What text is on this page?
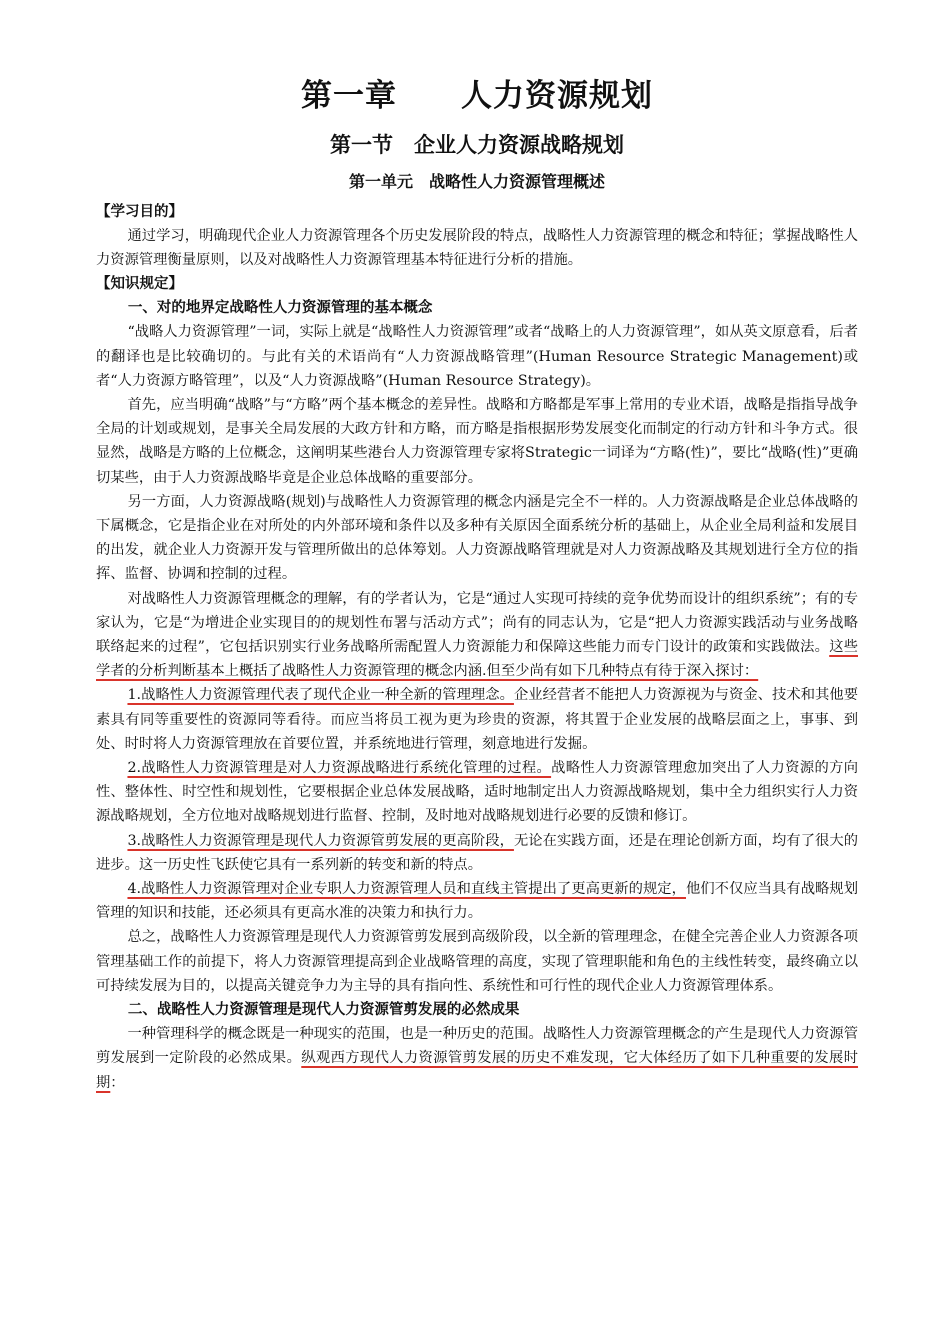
第一章　　人力资源规划
第一节　企业人力资源战略规划
第一单元　战略性人力资源管理概述

【学习目的】

通过学习，明确现代企业人力资源管理各个历史发展阶段的特点，战略性人力资源管理的概念和特征；掌握战略性人力资源管理衡量原则，以及对战略性人力资源管理基本特征进行分析的措施。

【知识规定】

一、对的地界定战略性人力资源管理的基本概念

“战略人力资源管理”一词，实际上就是“战略性人力资源管理”或者“战略上的人力资源管理”，如从英文原意看，后者的翻译也是比较确切的。与此有关的术语尚有“人力资源战略管理”(Human Resource Strategic Management)或者“人力资源方略管理”，以及“人力资源战略”(Human Resource Strategy)。

首先，应当明确“战略”与“方略”两个基本概念的差异性。战略和方略都是军事上常用的专业术语，战略是指指导战争全局的计划或规划，是事关全局发展的大政方针和方略，而方略是指根据形势发展变化而制定的行动方针和斗争方式。很显然，战略是方略的上位概念，这阐明某些港台人力资源管理专家将Strategic一词译为“方略(性)”，要比“战略(性)”更确切某些，由于人力资源战略毕竟是企业总体战略的重要部分。

另一方面，人力资源战略(规划)与战略性人力资源管理的概念内涵是完全不一样的。人力资源战略是企业总体战略的下属概念，它是指企业在对所处的内外部环境和条件以及多种有关原因全面系统分析的基础上，从企业全局利益和发展目的出发，就企业人力资源开发与管理所做出的总体筹划。人力资源战略管理就是对人力资源战略及其规划进行全方位的指挥、监督、协调和控制的过程。

对战略性人力资源管理概念的理解，有的学者认为，它是“通过人实现可持续的竞争优势而设计的组织系统”；有的专家认为，它是“为增进企业实现目的的规划性布署与活动方式”；尚有的同志认为，它是“把人力资源实践活动与业务战略联络起来的过程”，它包括识别实行业务战略所需配置人力资源能力和保障这些能力而专门设计的政策和实践做法。这些学者的分析判断基本上概括了战略性人力资源管理的概念内涵.但至少尚有如下几种特点有待于深入探讨：

1.战略性人力资源管理代表了现代企业一种全新的管理理念。企业经营者不能把人力资源视为与资金、技术和其他要素具有同等重要性的资源同等看待。而应当将员工视为更为珍贵的资源，将其置于企业发展的战略层面之上，事事、到处、时时将人力资源管理放在首要位置，并系统地进行管理，刻意地进行发掘。

2.战略性人力资源管理是对人力资源战略进行系统化管理的过程。战略性人力资源管理愈加突出了人力资源的方向性、整体性、时空性和规划性，它要根据企业总体发展战略，适时地制定出人力资源战略规划，集中全力组织实行人力资源战略规划，全方位地对战略规划进行监督、控制，及时地对战略规划进行必要的反馈和修订。

3.战略性人力资源管理是现代人力资源管剪发展的更高阶段，无论在实践方面，还是在理论创新方面，均有了很大的进步。这一历史性飞跃使它具有一系列新的转变和新的特点。

4.战略性人力资源管理对企业专职人力资源管理人员和直线主管提出了更高更新的规定，他们不仅应当具有战略规划管理的知识和技能，还必须具有更高水准的决策力和执行力。

总之，战略性人力资源管理是现代人力资源管剪发展到高级阶段，以全新的管理理念，在健全完善企业人力资源各项管理基础工作的前提下，将人力资源管理提高到企业战略管理的高度，实现了管理职能和角色的主线性转变，最终确立以可持续发展为目的，以提高关键竞争力为主导的具有指向性、系统性和可行性的现代企业人力资源管理体系。

二、战略性人力资源管理是现代人力资源管剪发展的必然成果

一种管理科学的概念既是一种现实的范围，也是一种历史的范围。战略性人力资源管理概念的产生是现代人力资源管剪发展到一定阶段的必然成果。纵观西方现代人力资源管剪发展的历史不难发现，它大体经历了如下几种重要的发展时期：
